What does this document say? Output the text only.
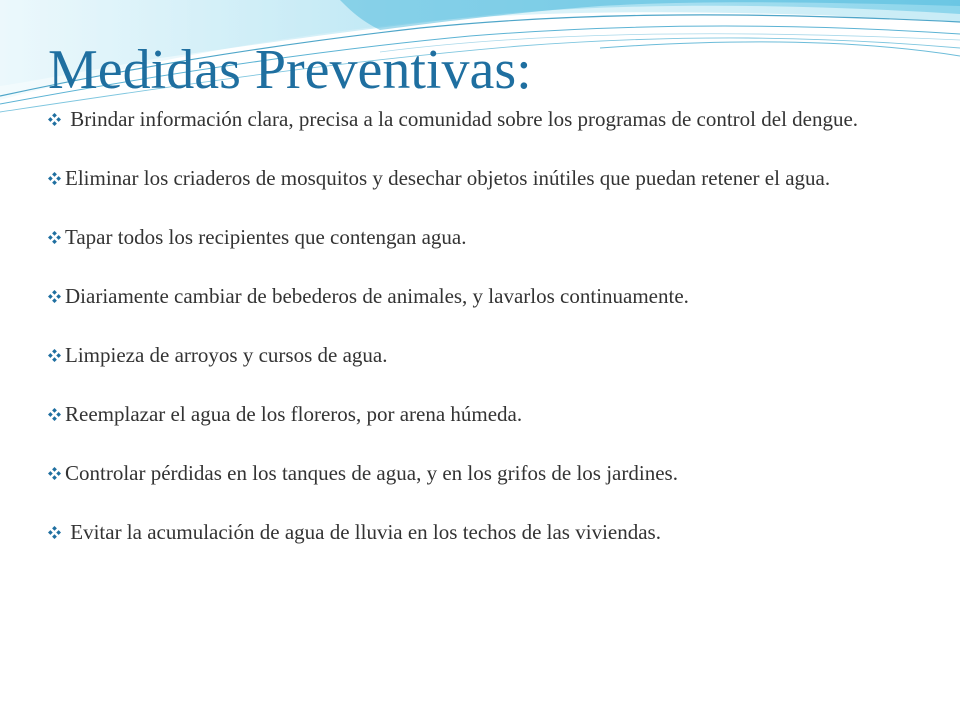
Medidas Preventivas:
Brindar información clara, precisa a la comunidad sobre los programas de control del dengue.
Eliminar los criaderos de mosquitos y desechar objetos inútiles que puedan retener el agua.
Tapar todos los recipientes que contengan agua.
Diariamente cambiar de bebederos de animales, y lavarlos continuamente.
Limpieza de arroyos y cursos de agua.
Reemplazar el agua de los floreros, por arena húmeda.
Controlar pérdidas en los tanques de agua, y en los grifos de los jardines.
Evitar la acumulación de agua de lluvia en los techos de las viviendas.
